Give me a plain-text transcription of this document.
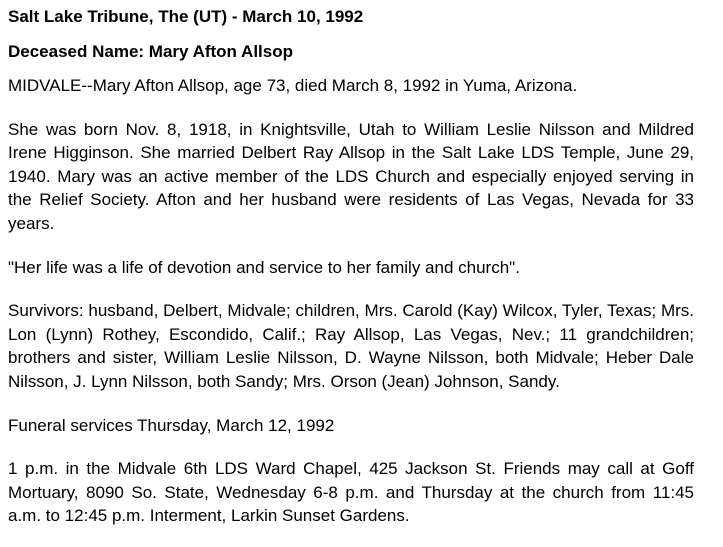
Salt Lake Tribune, The (UT) - March 10, 1992
Deceased Name: Mary Afton Allsop

MIDVALE--Mary Afton Allsop, age 73, died March 8, 1992 in Yuma, Arizona.

She was born Nov. 8, 1918, in Knightsville, Utah to William Leslie Nilsson and Mildred Irene Higginson. She married Delbert Ray Allsop in the Salt Lake LDS Temple, June 29, 1940. Mary was an active member of the LDS Church and especially enjoyed serving in the Relief Society. Afton and her husband were residents of Las Vegas, Nevada for 33 years.

"Her life was a life of devotion and service to her family and church".

Survivors: husband, Delbert, Midvale; children, Mrs. Carold (Kay) Wilcox, Tyler, Texas; Mrs. Lon (Lynn) Rothey, Escondido, Calif.; Ray Allsop, Las Vegas, Nev.; 11 grandchildren; brothers and sister, William Leslie Nilsson, D. Wayne Nilsson, both Midvale; Heber Dale Nilsson, J. Lynn Nilsson, both Sandy; Mrs. Orson (Jean) Johnson, Sandy.

Funeral services Thursday, March 12, 1992

1 p.m. in the Midvale 6th LDS Ward Chapel, 425 Jackson St. Friends may call at Goff Mortuary, 8090 So. State, Wednesday 6-8 p.m. and Thursday at the church from 11:45 a.m. to 12:45 p.m. Interment, Larkin Sunset Gardens.
